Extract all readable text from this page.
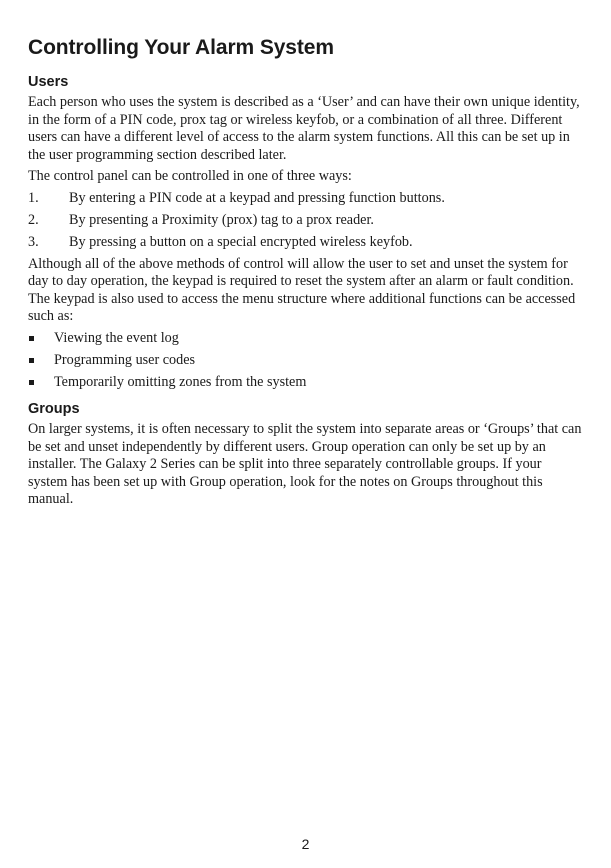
Controlling Your Alarm System
Users

Each person who uses the system is described as a ‘User’ and can have their own unique identity, in the form of a PIN code, prox tag or wireless keyfob, or a combination of all three. Different users can have a different level of access to the alarm system functions. All this can be set up in the user programming section described later.

The control panel can be controlled in one of three ways:

1. By entering a PIN code at a keypad and pressing function buttons.
2. By presenting a Proximity (prox) tag to a prox reader.
3. By pressing a button on a special encrypted wireless keyfob.

Although all of the above methods of control will allow the user to set and unset the system for day to day operation, the keypad is required to reset the system after an alarm or fault condition. The keypad is also used to access the menu structure where additional functions can be accessed such as:

Viewing the event log
Programming user codes
Temporarily omitting zones from the system
Groups

On larger systems, it is often necessary to split the system into separate areas or ‘Groups’ that can be set and unset independently by different users. Group operation can only be set up by an installer. The Galaxy 2 Series can be split into three separately controllable groups. If your system has been set up with Group operation, look for the notes on Groups throughout this manual.

2
